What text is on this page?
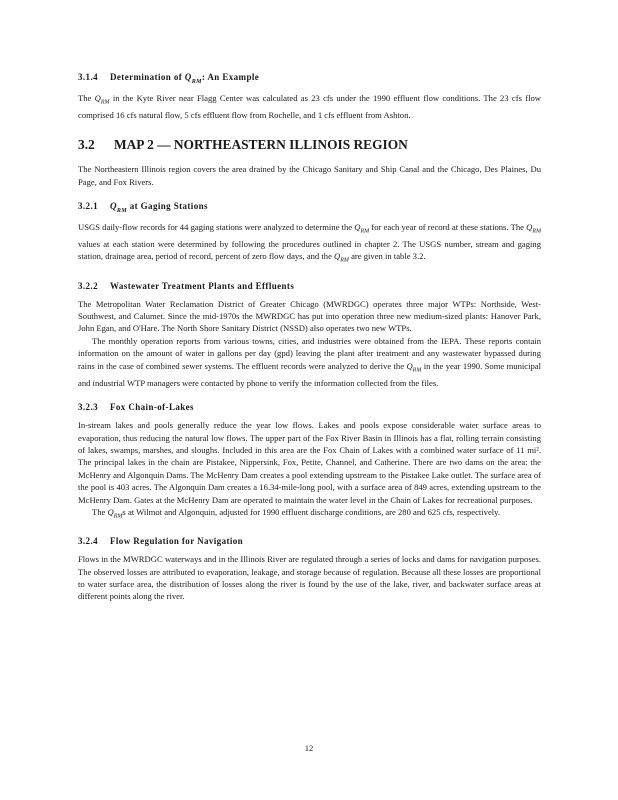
3.1.4 Determination of $Q_{RM}$: An Example

The $Q_{RM}$ in the Kyte River near Flagg Center was calculated as 23 cfs under the 1990 effluent flow conditions. The 23 cfs flow comprised 16 cfs natural flow, 5 cfs effluent flow from Rochelle, and 1 cfs effluent from Ashton.

3.2 MAP 2 — NORTHEASTERN ILLINOIS REGION

The Northeastern Illinois region covers the area drained by the Chicago Sanitary and Ship Canal and the Chicago, Des Plaines, Du Page, and Fox Rivers.

3.2.1 $Q_{RM}$ at Gaging Stations

USGS daily-flow records for 44 gaging stations were analyzed to determine the $Q_{RM}$ for each year of record at these stations. The $Q_{RM}$ values at each station were determined by following the procedures outlined in chapter 2. The USGS number, stream and gaging station, drainage area, period of record, percent of zero flow days, and the $Q_{RM}$ are given in table 3.2.

3.2.2 Wastewater Treatment Plants and Effluents

The Metropolitan Water Reclamation District of Greater Chicago (MWRDGC) operates three major WTPs: Northside, West-Southwest, and Calumet. Since the mid-1970s the MWRDGC has put into operation three new medium-sized plants: Hanover Park, John Egan, and O'Hare. The North Shore Sanitary District (NSSD) also operates two new WTPs.

The monthly operation reports from various towns, cities, and industries were obtained from the IEPA. These reports contain information on the amount of water in gallons per day (gpd) leaving the plant after treatment and any wastewater bypassed during rains in the case of combined sewer systems. The effluent records were analyzed to derive the $Q_{RM}$ in the year 1990. Some municipal and industrial WTP managers were contacted by phone to verify the information collected from the files.

3.2.3 Fox Chain-of-Lakes

In-stream lakes and pools generally reduce the year low flows. Lakes and pools expose considerable water surface areas to evaporation, thus reducing the natural low flows. The upper part of the Fox River Basin in Illinois has a flat, rolling terrain consisting of lakes, swamps, marshes, and sloughs. Included in this area are the Fox Chain of Lakes with a combined water surface of 11 mi². The principal lakes in the chain are Pistakee, Nippersink, Fox, Petite, Channel, and Catherine. There are two dams on the area: the McHenry and Algonquin Dams. The McHenry Dam creates a pool extending upstream to the Pistakee Lake outlet. The surface area of the pool is 403 acres. The Algonquin Dam creates a 16.34-mile-long pool, with a surface area of 849 acres, extending upstream to the McHenry Dam. Gates at the McHenry Dam are operated to maintain the water level in the Chain of Lakes for recreational purposes.

The $Q_{RM}s$ at Wilmot and Algonquin, adjusted for 1990 effluent discharge conditions, are 280 and 625 cfs, respectively.

3.2.4 Flow Regulation for Navigation

Flows in the MWRDGC waterways and in the Illinois River are regulated through a series of locks and dams for navigation purposes. The observed losses are attributed to evaporation, leakage, and storage because of regulation. Because all these losses are proportional to water surface area, the distribution of losses along the river is found by the use of the lake, river, and backwater surface areas at different points along the river.

12
